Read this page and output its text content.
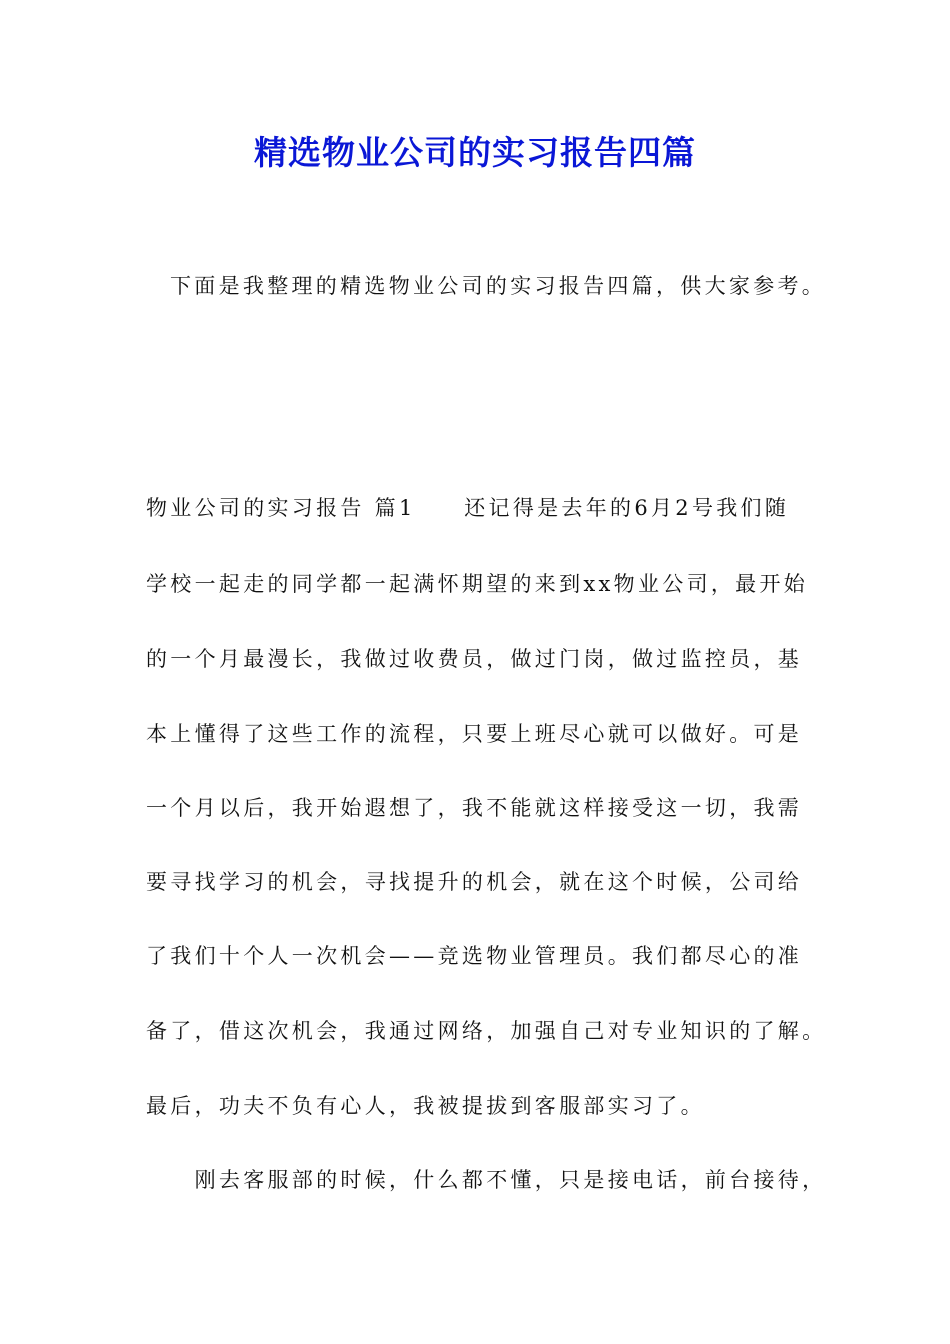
精选物业公司的实习报告四篇
下面是我整理的精选物业公司的实习报告四篇，供大家参考。
物业公司的实习报告 篇1　　还记得是去年的6月2号我们随
学校一起走的同学都一起满怀期望的来到xx物业公司，最开始
的一个月最漫长，我做过收费员，做过门岗，做过监控员，基
本上懂得了这些工作的流程，只要上班尽心就可以做好。可是
一个月以后，我开始遐想了，我不能就这样接受这一切，我需
要寻找学习的机会，寻找提升的机会，就在这个时候，公司给
了我们十个人一次机会——竞选物业管理员。我们都尽心的准
备了，借这次机会，我通过网络，加强自己对专业知识的了解。
最后，功夫不负有心人，我被提拔到客服部实习了。
　　刚去客服部的时候，什么都不懂，只是接电话，前台接待，
